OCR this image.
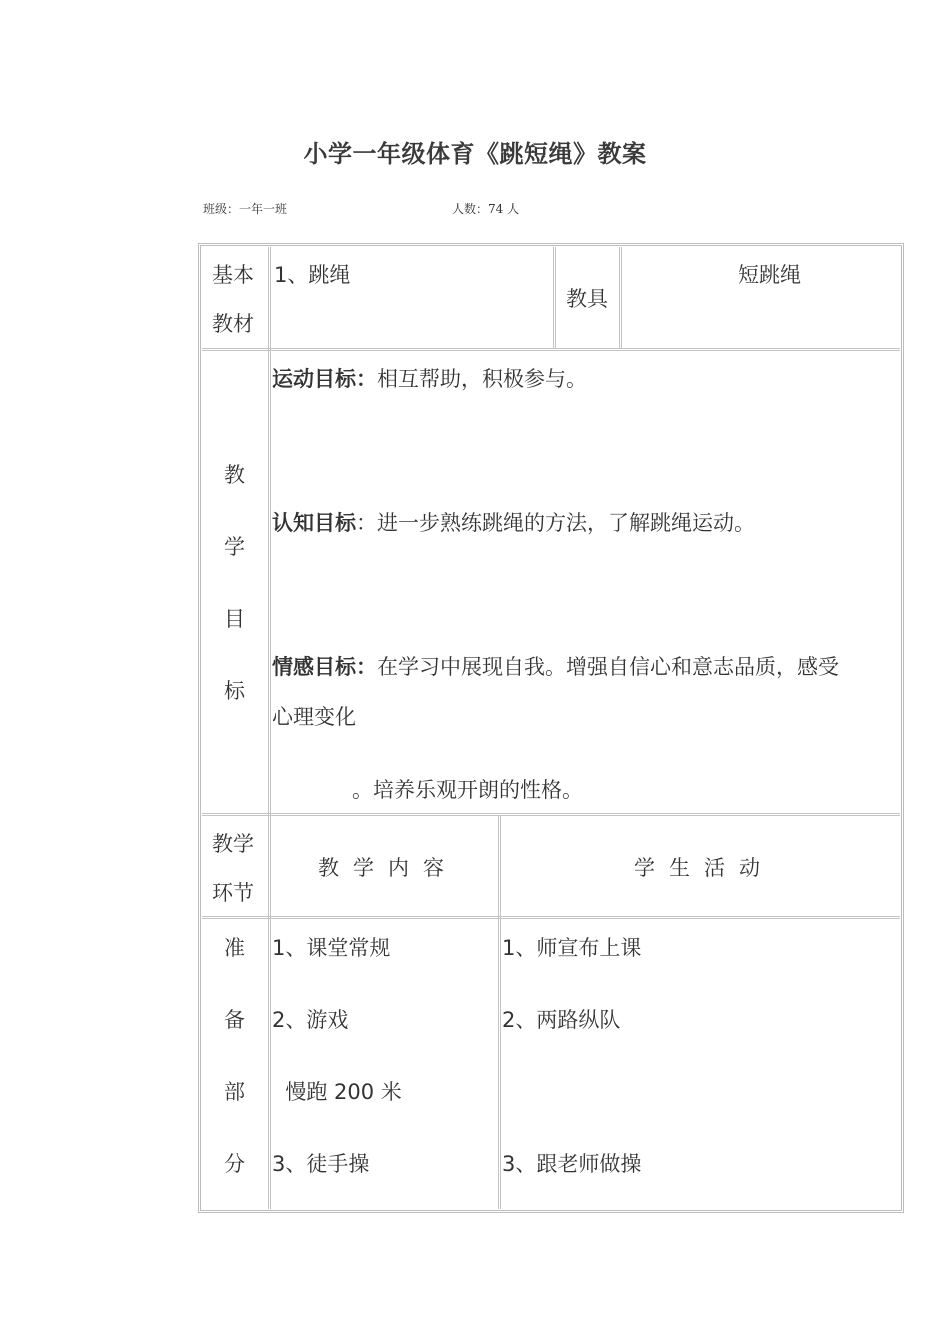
小学一年级体育《跳短绳》教案
班级：一年一班	人数：74 人
基本
教材
1、跳绳
教具
短跳绳
教
学
目
标
运动目标：相互帮助，积极参与。
认知目标：进一步熟练跳绳的方法，了解跳绳运动。
情感目标：在学习中展现自我。增强自信心和意志品质，感受
心理变化
。培养乐观开朗的性格。
教学
环节
教学内容	学生活动
准
备
部
分
1、课堂常规
2、游戏
慢跑 200 米
3、徒手操
1、师宣布上课
2、两路纵队
3、跟老师做操
